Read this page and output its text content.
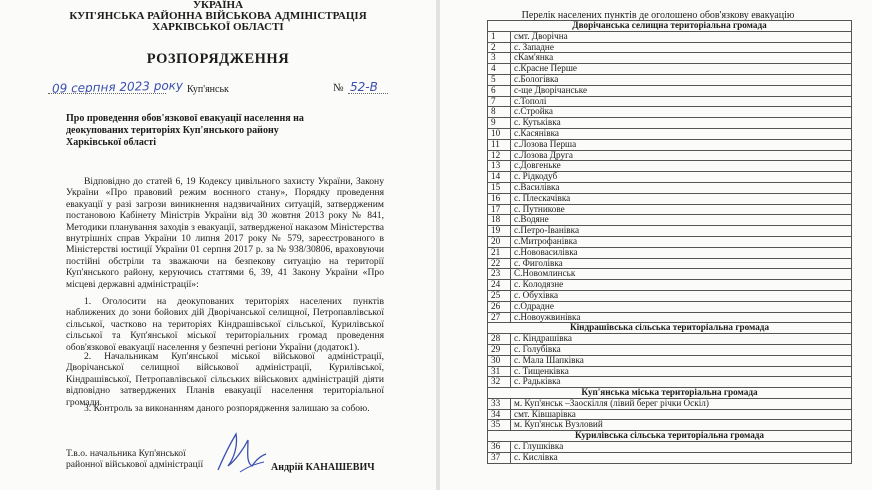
УКРАЇНА
КУП'ЯНСЬКА РАЙОННА ВІЙСЬКОВА АДМІНІСТРАЦІЯ
ХАРКІВСЬКОЇ ОБЛАСТІ
РОЗПОРЯДЖЕННЯ
09 серпня 2023 року Куп'янськ	№ 52-В
Про проведення обов'язкової евакуації населення на деокупованих територіях Куп'янського району Харківської області
Відповідно до статей 6, 19 Кодексу цивільного захисту України, Закону України «Про правовий режим воєнного стану», Порядку проведення евакуації у разі загрози виникнення надзвичайних ситуацій, затвердженим постановою Кабінету Міністрів України від 30 жовтня 2013 року № 841, Методики планування заходів з евакуації, затвердженої наказом Міністерства внутрішніх справ України 10 липня 2017 року № 579, зареєстрованого в Міністерстві юстиції України 01 серпня 2017 р. за № 938/30806, враховуючи постійні обстріли та зважаючи на безпекову ситуацію на території Куп'янського району, керуючись статтями 6, 39, 41 Закону України «Про місцеві державні адміністрації»:
1. Оголосити на деокупованих територіях населених пунктів наближених до зони бойових дій Дворічанської селищної, Петропавлівської сільської, частково на територіях Кіндрашівської сільської, Курилівської сільської та Куп'янської міської територіальних громад проведення обов'язкової евакуації населення у безпечні регіони України (додаток1).
2. Начальникам Куп'янської міської військової адміністрації, Дворічанської селищної військової адміністрації, Курилівської, Кіндрашівської, Петропавлівської сільських військових адміністрацій діяти відповідно затверджених Планів евакуації населення територіальної громади.
3. Контроль за виконанням даного розпорядження залишаю за собою.
Т.в.о. начальника Куп'янської районної військової адміністрації	Андрій КАНАШЕВИЧ
Перелік населених пунктів де оголошено обов'язкову евакуацію
Дворічанська селищна територіальна громада	
1	смт. Дворічна
2	с. Западне
3	сКам'янка
4	с.Красне Перше
5	с.Бологівка
6	с-ще Дворічанське
7	с.Тополі
8	с.Стройка
9	с. Кутьківка
10	с.Касянівка
11	с.Лозова Перша
12	с.Лозова Друга
13	с.Довгеньке
14	с. Рідкодуб
15	с.Василівка
16	с. Плескачівка
17	с. Путникове
18	с.Водяне
19	с.Петро-Іванівка
20	с.Митрофанівка
21	с.Нововасилівка
22	с. Фиголівка
23	С.Новомлинськ
24	с. Колодязне
25	с. Обухівка
26	с.Одрадне
27	с.Новоужвинівка
Кіндрашівська сільська територіальна громада	
28	с. Кіндрашівка
29	с. Голубівка
30	с. Мала Шапківка
31	с. Тищенківка
32	с. Радьківка
Куп'янська міська територіальна громада	
33	м. Куп'янськ –Заоскілля (лівий берег річки Оскіл)
34	смт. Ківшарівка
35	м. Куп'янськ Вузловий
Курилівська сільська територіальна громада	
36	с. Глушківка
37	с. Кислівка
